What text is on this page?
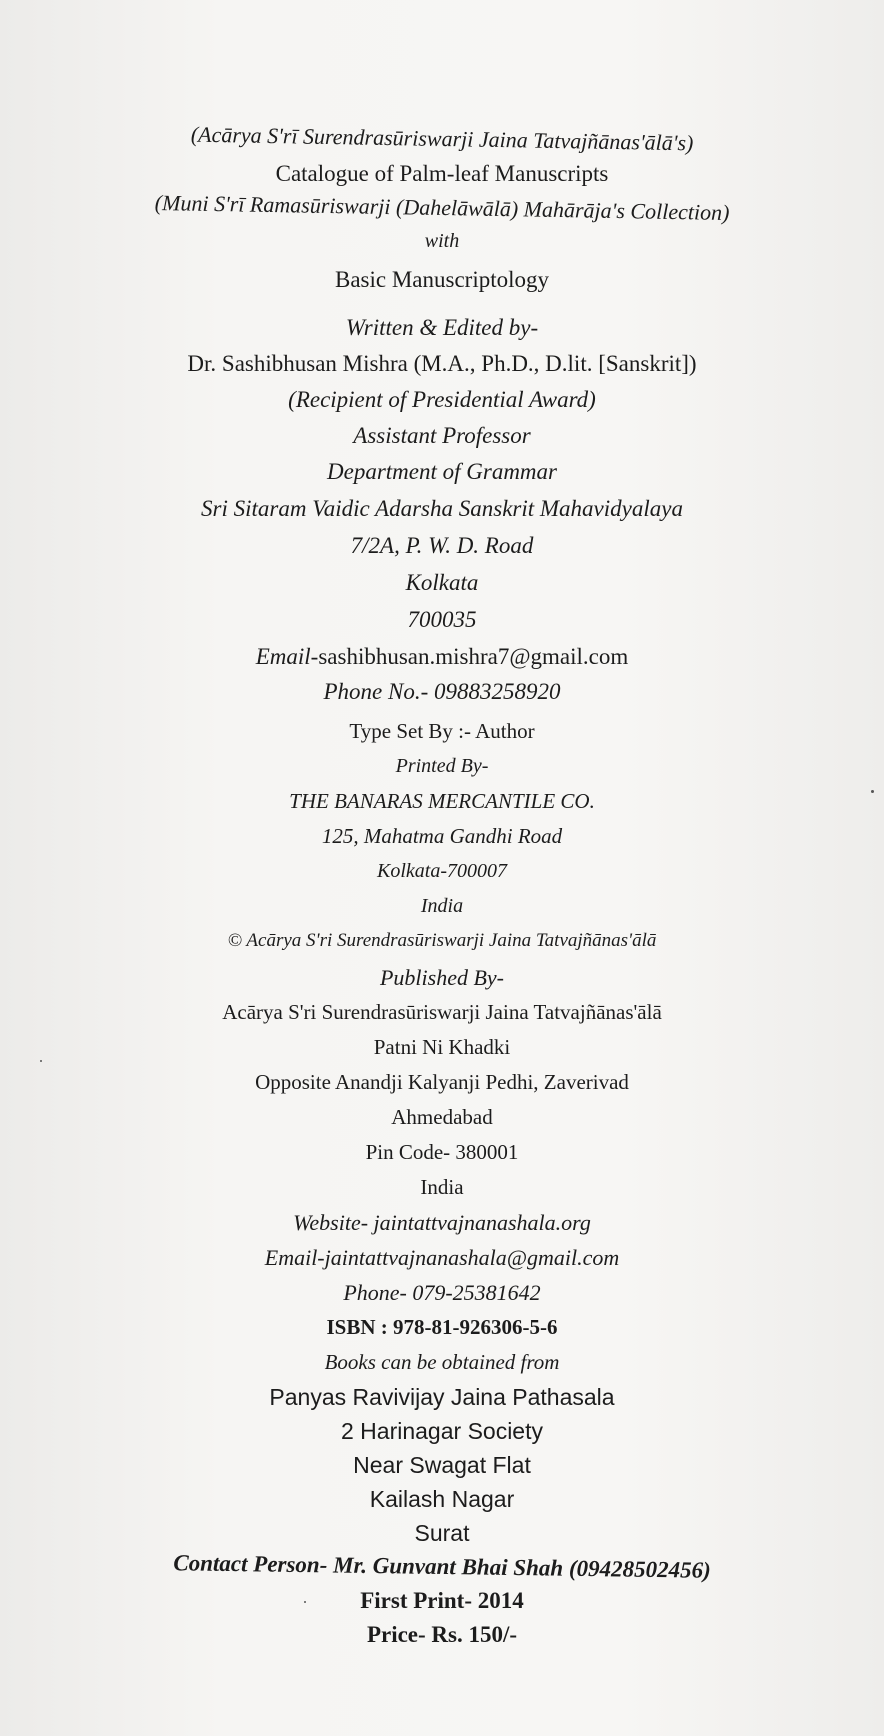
(Acārya S'rī Surendrasūriswarji Jaina Tatvajñānas'ālā's)
Catalogue of Palm-leaf Manuscripts
(Muni S'rī Ramasūriswarji (Dahelāwālā) Mahārāja's Collection)
with
Basic Manuscriptology
Written & Edited by-
Dr. Sashibhusan Mishra (M.A., Ph.D., D.lit. [Sanskrit])
(Recipient of Presidential Award)
Assistant Professor
Department of Grammar
Sri Sitaram Vaidic Adarsha Sanskrit Mahavidyalaya
7/2A, P. W. D. Road
Kolkata
700035
Email-sashibhusan.mishra7@gmail.com
Phone No.- 09883258920
Type Set By :- Author
Printed By-
THE BANARAS MERCANTILE CO.
125, Mahatma Gandhi Road
Kolkata-700007
India
© Acārya S'ri Surendrasūriswarji Jaina Tatvajñānas'ālā
Published By-
Acārya S'ri Surendrasūriswarji Jaina Tatvajñānas'ālā
Patni Ni Khadki
Opposite Anandji Kalyanji Pedhi, Zaverivad
Ahmedabad
Pin Code- 380001
India
Website- jaintattvajnanashala.org
Email-jaintattvajnanashala@gmail.com
Phone- 079-25381642
ISBN : 978-81-926306-5-6
Books can be obtained from
Panyas Ravivijay Jaina Pathasala
2 Harinagar Society
Near Swagat Flat
Kailash Nagar
Surat
Contact Person- Mr. Gunvant Bhai Shah (09428502456)
First Print- 2014
Price- Rs. 150/-
